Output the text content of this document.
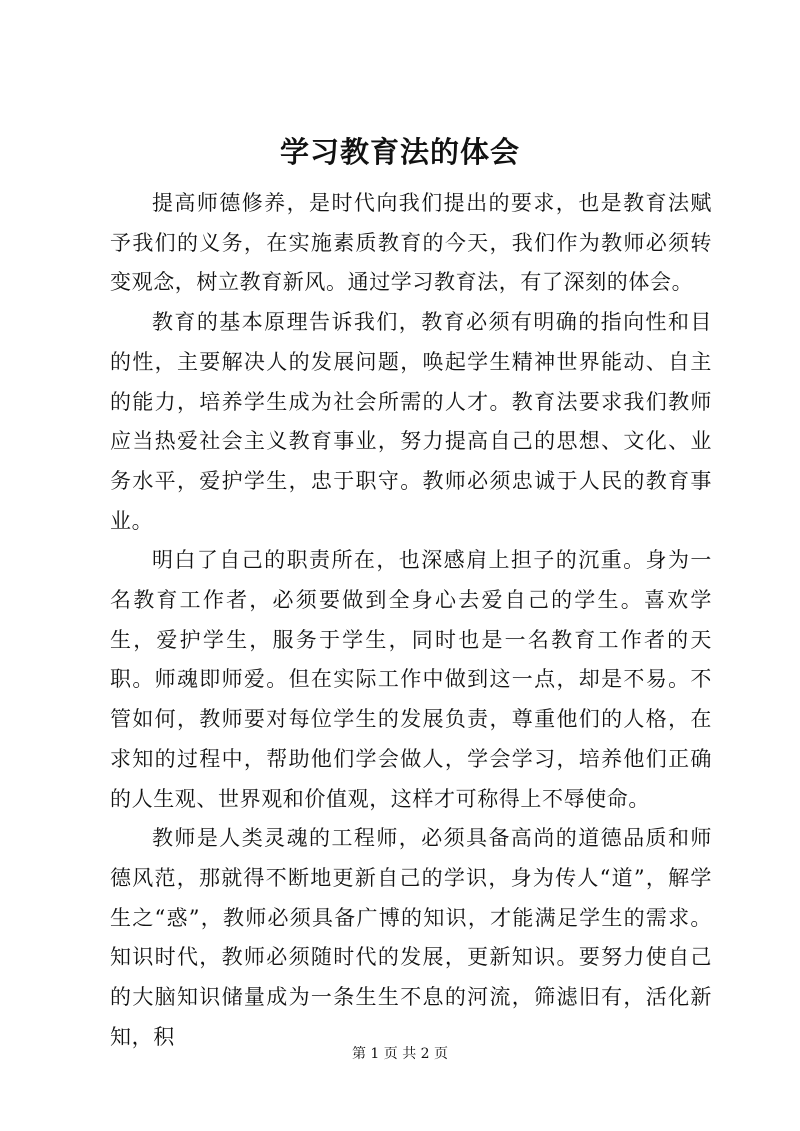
学习教育法的体会

提高师德修养，是时代向我们提出的要求，也是教育法赋予我们的义务，在实施素质教育的今天，我们作为教师必须转变观念，树立教育新风。通过学习教育法，有了深刻的体会。

教育的基本原理告诉我们，教育必须有明确的指向性和目的性，主要解决人的发展问题，唤起学生精神世界能动、自主的能力，培养学生成为社会所需的人才。教育法要求我们教师应当热爱社会主义教育事业，努力提高自己的思想、文化、业务水平，爱护学生，忠于职守。教师必须忠诚于人民的教育事业。

明白了自己的职责所在，也深感肩上担子的沉重。身为一名教育工作者，必须要做到全身心去爱自己的学生。喜欢学生，爱护学生，服务于学生，同时也是一名教育工作者的天职。师魂即师爱。但在实际工作中做到这一点，却是不易。不管如何，教师要对每位学生的发展负责，尊重他们的人格，在求知的过程中，帮助他们学会做人，学会学习，培养他们正确的人生观、世界观和价值观，这样才可称得上不辱使命。

教师是人类灵魂的工程师，必须具备高尚的道德品质和师德风范，那就得不断地更新自己的学识，身为传人“道”，解学生之“惑”，教师必须具备广博的知识，才能满足学生的需求。知识时代，教师必须随时代的发展，更新知识。要努力使自己的大脑知识储量成为一条生生不息的河流，筛滤旧有，活化新知，积

第 1 页 共 2 页
